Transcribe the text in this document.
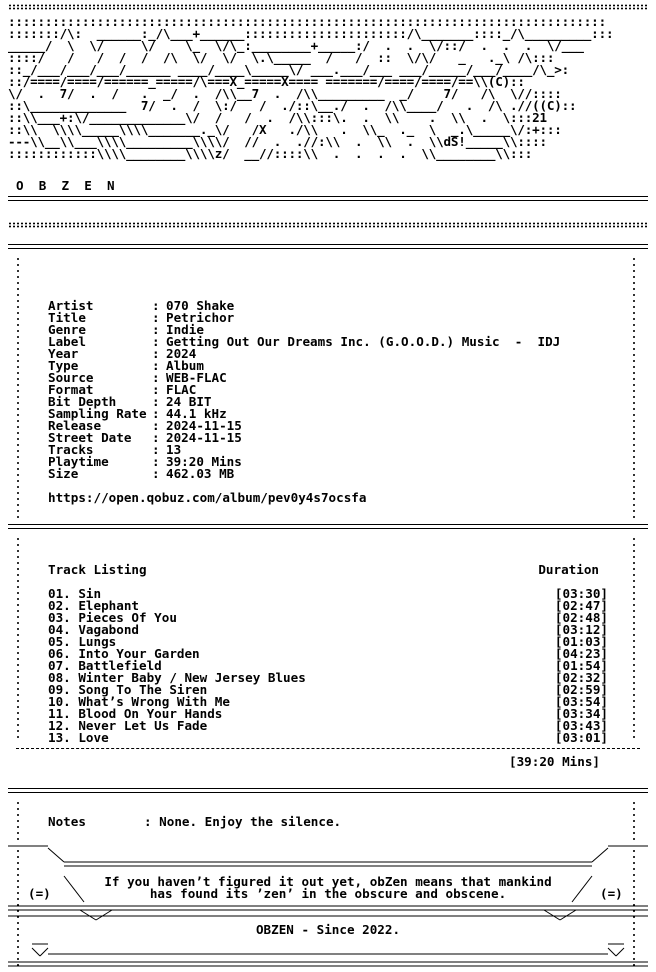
:::::::::::::::::::::::::::::::::::::::::::::::::::::::::::::::::::::::::::::::::
:::::::/\:  ______:_/\___+______::::::::::::::::::::::/\_______::::_/\_________:::
_____/  \  \/     \/    \_  \/\_:________+_____:/  .  .  \/::/  .  .  .  \/___
::::/   /   /  /  /  /\  \/  \/  \.\_____  /   /  ::  \/\/   _   ._\ /\:::
::_/___/___/___/______ ____/____\_____\/ ___.___/___ ___/_____/___/____/\_>:
::/====/====/======_=====/\===X_=====X==== =======/====/====/==\\(C)::
\/  .  7/  .  /   .  _/  .  /\\__7  .  /\\_________  _/    7/   /\  \//::::
::\_____________  7/  .  /  \:/   /  ./::\__./  .  /\\____/   .  /\ .//((C)::
::\\___+:\/_____________\/  /   /  .  /\\:::\.  .  \\    .  \\  .  \:::21
::\\  \\\\_____\\\\_______._\/   /X   ./\\   .  \\_  ._  \  _.\_____\/:+:::
---\\__\\___\\\\_________\\\\/  //  .  .//:\\  .  \\  .  \\dS!_____\\::::
::::::::::::\\\\________\\\\z/  __//::::\\  .  .  .  .  \\________\\:::
O  B  Z  E  N
Artist	: 070 Shake
Title	: Petrichor
Genre	: Indie
Label	: Getting Out Our Dreams Inc. (G.O.O.D.) Music  -  IDJ
Year	: 2024
Type	: Album
Source	: WEB-FLAC
Format	: FLAC
Bit Depth	: 24 BIT
Sampling Rate : 44.1 kHz
Release	: 2024-11-15
Street Date	: 2024-11-15
Tracks	: 13
Playtime	: 39:20 Mins
Size	: 462.03 MB
https://open.qobuz.com/album/pev0y4s7ocsfa
Track Listing	Duration
01. Sin	[03:30]
02. Elephant	[02:47]
03. Pieces Of You	[02:48]
04. Vagabond	[03:12]
05. Lungs	[01:03]
06. Into Your Garden	[04:23]
07. Battlefield	[01:54]
08. Winter Baby / New Jersey Blues	[02:32]
09. Song To The Siren	[02:59]
10. What’s Wrong With Me	[03:54]
11. Blood On Your Hands	[03:34]
12. Never Let Us Fade	[03:43]
13. Love	[03:01]
[39:20 Mins]
Notes	: None. Enjoy the silence.
(=)	(=)
If you haven’t figured it out yet, obZen means that mankind
has found its ’zen’ in the obscure and obscene.
OBZEN - Since 2022.
